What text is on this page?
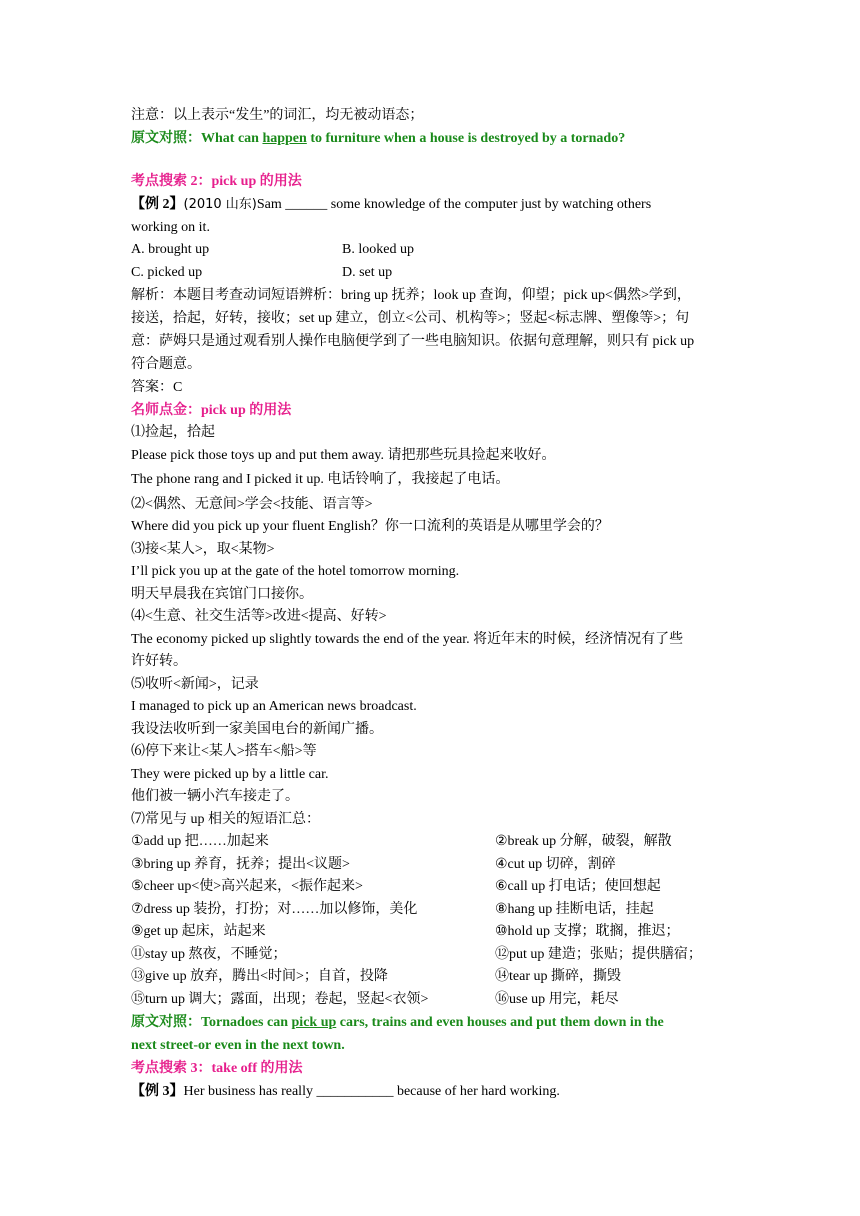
注意：以上表示“发生”的词汇，均无被动语态；
原文对照：What can happen to furniture when a house is destroyed by a tornado?
考点搜索 2：pick up 的用法
【例 2】(2010 山东)Sam ______ some knowledge of the computer just by watching others
working on it.
A. brought up	B. looked up
C. picked up	D. set up
解析：本题目考查动词短语辨析：bring up 抚养；look up 查询，仰望；pick up<偶然>学到，
接送，拾起，好转，接收；set up 建立，创立<公司、机构等>；竖起<标志牌、塑像等>；句
意：萨姆只是通过观看别人操作电脑便学到了一些电脑知识。依据句意理解，则只有 pick up
符合题意。
答案：C
名师点金：pick up 的用法
⑴捡起，拾起
Please pick those toys up and put them away. 请把那些玩具捡起来收好。
The phone rang and I picked it up. 电话铃响了，我接起了电话。
⑵<偶然、无意间>学会<技能、语言等>
Where did you pick up your fluent English？你一口流利的英语是从哪里学会的？
⑶接<某人>，取<某物>
I’ll pick you up at the gate of the hotel tomorrow morning.
明天早晨我在宾馆门口接你。
⑷<生意、社交生活等>改进<提高、好转>
The economy picked up slightly towards the end of the year. 将近年末的时候，经济情况有了些
许好转。
⑸收听<新闻>，记录
I managed to pick up an American news broadcast.
我设法收听到一家美国电台的新闻广播。
⑹停下来让<某人>搭车<船>等
They were picked up by a little car.
他们被一辆小汽车接走了。
⑺常见与 up 相关的短语汇总：
①add up 把……加起来	②break up 分解，破裂，解散
③bring up 养育，抚养；提出<议题>	④cut up 切碎，割碎
⑤cheer up<使>高兴起来，<振作起来>	⑥call up 打电话；使回想起
⑦dress up 装扮，打扮；对……加以修饰，美化	⑧hang up 挂断电话，挂起
⑨get up 起床，站起来	⑩hold up 支撑；耽搁，推迟；
⑪stay up 熬夜，不睡觉；	⑫put up 建造；张贴；提供膳宿；
⑬give up 放弃，腾出<时间>；自首，投降	⑭tear up 撕碎，撕毁
⑮turn up 调大；露面，出现；卷起，竖起<衣领>	⑯use up 用完，耗尽
原文对照：Tornadoes can pick up cars, trains and even houses and put them down in the
next street-or even in the next town.
考点搜索 3：take off 的用法
【例 3】Her business has really ___________ because of her hard working.
